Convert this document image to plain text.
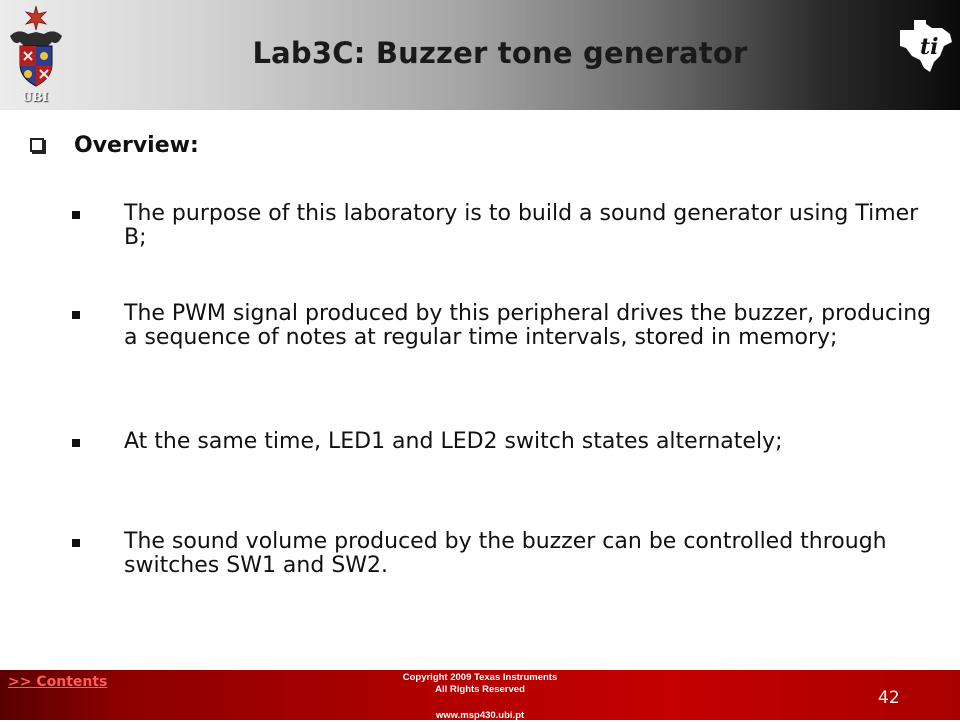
UBI
Lab3C: Buzzer tone generator	ti
Overview:
The purpose of this laboratory is to build a sound generator using Timer B;
The PWM signal produced by this peripheral drives the buzzer, producing a sequence of notes at regular time intervals, stored in memory;
At the same time, LED1 and LED2 switch states alternately;
The sound volume produced by the buzzer can be controlled through switches SW1 and SW2.
>> Contents	Copyright 2009 Texas Instruments
All Rights Reserved
www.msp430.ubi.pt
42
